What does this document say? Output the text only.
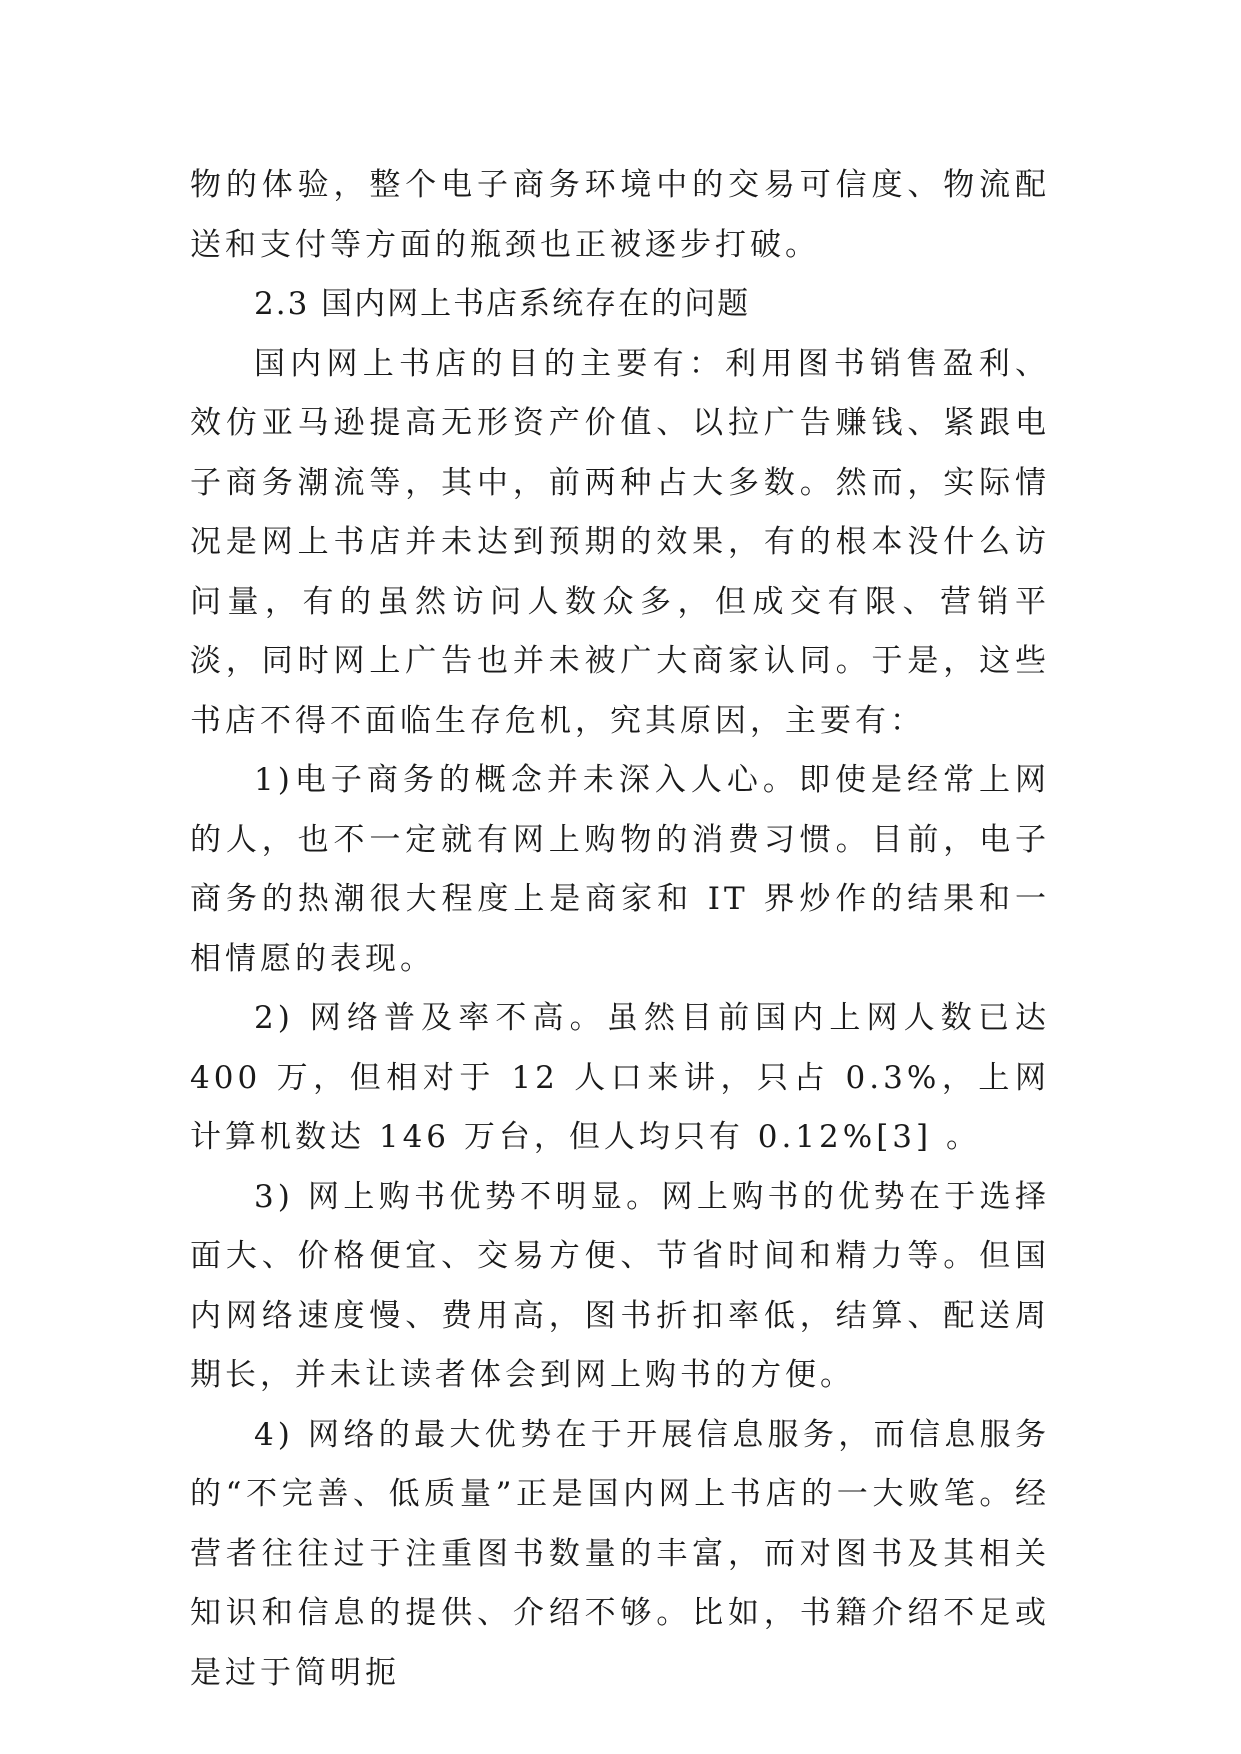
物的体验，整个电子商务环境中的交易可信度、物流配送和支付等方面的瓶颈也正被逐步打破。

2.3 国内网上书店系统存在的问题

国内网上书店的目的主要有：利用图书销售盈利、效仿亚马逊提高无形资产价值、以拉广告赚钱、紧跟电子商务潮流等，其中，前两种占大多数。然而，实际情况是网上书店并未达到预期的效果，有的根本没什么访问量，有的虽然访问人数众多，但成交有限、营销平淡，同时网上广告也并未被广大商家认同。于是，这些书店不得不面临生存危机，究其原因，主要有：

1)电子商务的概念并未深入人心。即使是经常上网的人，也不一定就有网上购物的消费习惯。目前，电子商务的热潮很大程度上是商家和 IT 界炒作的结果和一相情愿的表现。

2) 网络普及率不高。虽然目前国内上网人数已达 400 万，但相对于 12 人口来讲，只占 0.3%，上网计算机数达 146 万台，但人均只有 0.12%[3] 。

3) 网上购书优势不明显。网上购书的优势在于选择面大、价格便宜、交易方便、节省时间和精力等。但国内网络速度慢、费用高，图书折扣率低，结算、配送周期长，并未让读者体会到网上购书的方便。

4) 网络的最大优势在于开展信息服务，而信息服务的“不完善、低质量”正是国内网上书店的一大败笔。经营者往往过于注重图书数量的丰富，而对图书及其相关知识和信息的提供、介绍不够。比如，书籍介绍不足或是过于简明扼
